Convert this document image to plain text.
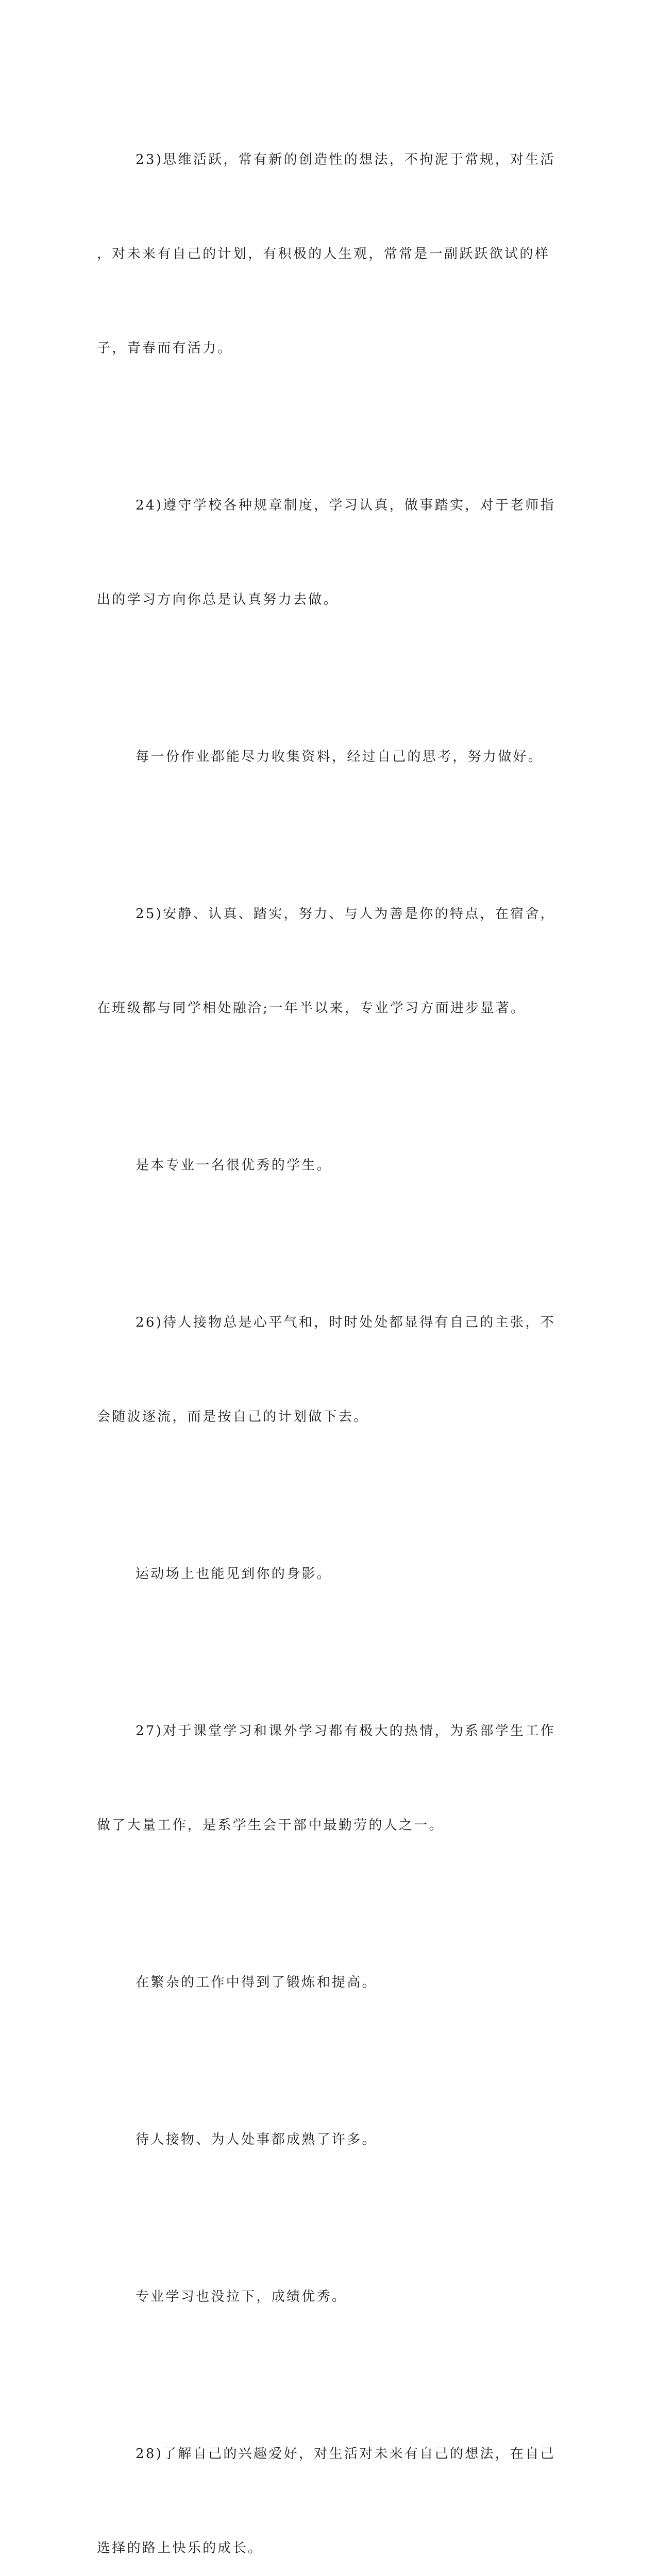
23)思维活跃，常有新的创造性的想法，不拘泥于常规，对生活

，对未来有自己的计划，有积极的人生观，常常是一副跃跃欲试的样

子，青春而有活力。

24)遵守学校各种规章制度，学习认真，做事踏实，对于老师指

出的学习方向你总是认真努力去做。

每一份作业都能尽力收集资料，经过自己的思考，努力做好。

25)安静、认真、踏实，努力、与人为善是你的特点，在宿舍，

在班级都与同学相处融洽;一年半以来，专业学习方面进步显著。

是本专业一名很优秀的学生。

26)待人接物总是心平气和，时时处处都显得有自己的主张，不

会随波逐流，而是按自己的计划做下去。

运动场上也能见到你的身影。

27)对于课堂学习和课外学习都有极大的热情，为系部学生工作

做了大量工作，是系学生会干部中最勤劳的人之一。

在繁杂的工作中得到了锻炼和提高。

待人接物、为人处事都成熟了许多。

专业学习也没拉下，成绩优秀。

28)了解自己的兴趣爱好，对生活对未来有自己的想法，在自己

选择的路上快乐的成长。
